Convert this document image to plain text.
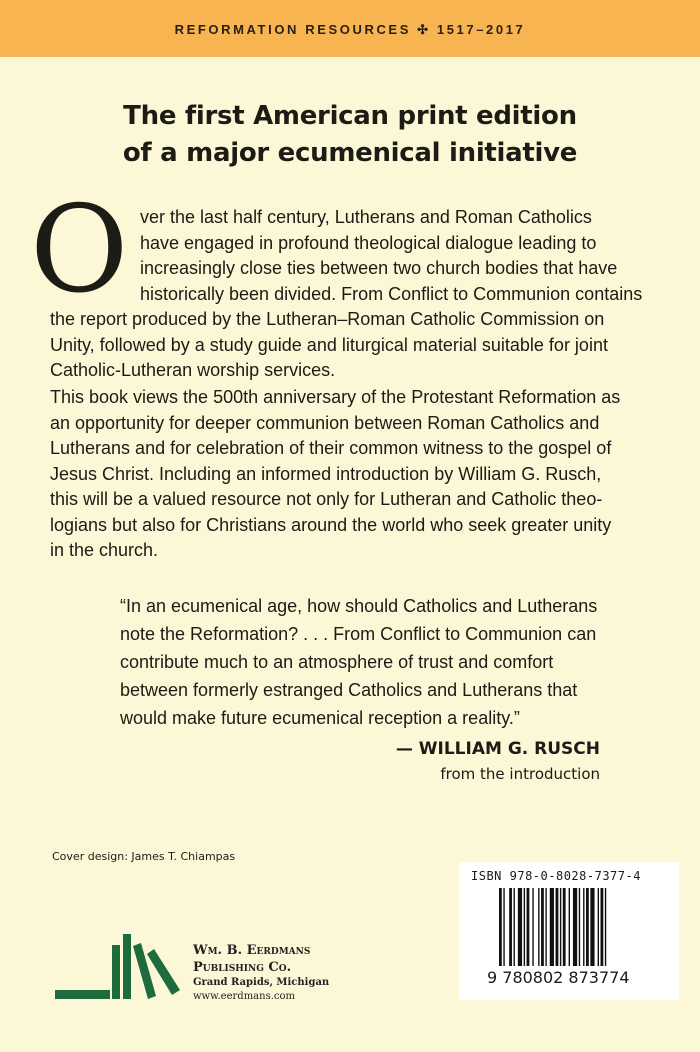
REFORMATION RESOURCES ✣ 1517–2017
The first American print edition
of a major ecumenical initiative
O ver the last half century, Lutherans and Roman Catholics
have engaged in profound theological dialogue leading to
increasingly close ties between two church bodies that have
historically been divided. From Conflict to Communion contains
the report produced by the Lutheran–Roman Catholic Commission on
Unity, followed by a study guide and liturgical material suitable for joint
Catholic-Lutheran worship services.
This book views the 500th anniversary of the Protestant Reformation as
an opportunity for deeper communion between Roman Catholics and
Lutherans and for celebration of their common witness to the gospel of
Jesus Christ. Including an informed introduction by William G. Rusch,
this will be a valued resource not only for Lutheran and Catholic theo-
logians but also for Christians around the world who seek greater unity
in the church.
“In an ecumenical age, how should Catholics and Lutherans
note the Reformation? . . . From Conflict to Communion can
contribute much to an atmosphere of trust and comfort
between formerly estranged Catholics and Lutherans that
would make future ecumenical reception a reality.”
— WILLIAM G. RUSCH
from the introduction
Cover design: James T. Chiampas
ISBN 978-0-8028-7377-4
9 780802 873774
Wm. B. Eerdmans
Publishing Co.
Grand Rapids, Michigan
www.eerdmans.com
